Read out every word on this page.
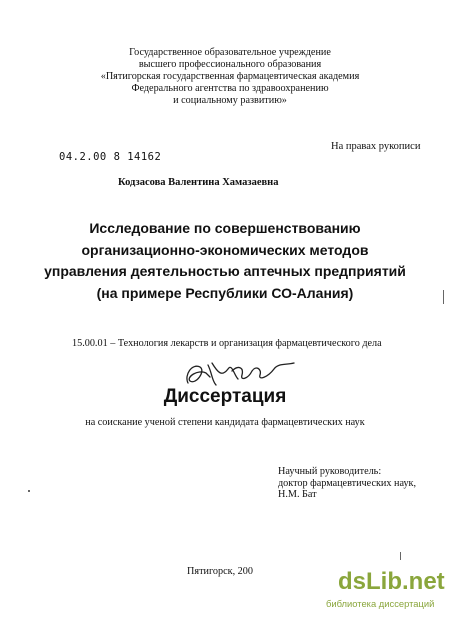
Государственное образовательное учреждение
высшего профессионального образования
«Пятигорская государственная фармацевтическая академия
Федерального агентства по здравоохранению
и социальному развитию»
На правах рукописи
04.2.00 8 14162
Кодзасова Валентина Хамазаевна
Исследование по совершенствованию
организационно-экономических методов
управления деятельностью аптечных предприятий
(на примере Республики СО-Алания)
15.00.01 – Технология лекарств и организация фармацевтического дела
Диссертация
на соискание ученой степени кандидата фармацевтических наук
Научный руководитель:
доктор фармацевтических наук,
Н.М. Бат
Пятигорск, 200	dsLib.net
библиотека диссертаций
